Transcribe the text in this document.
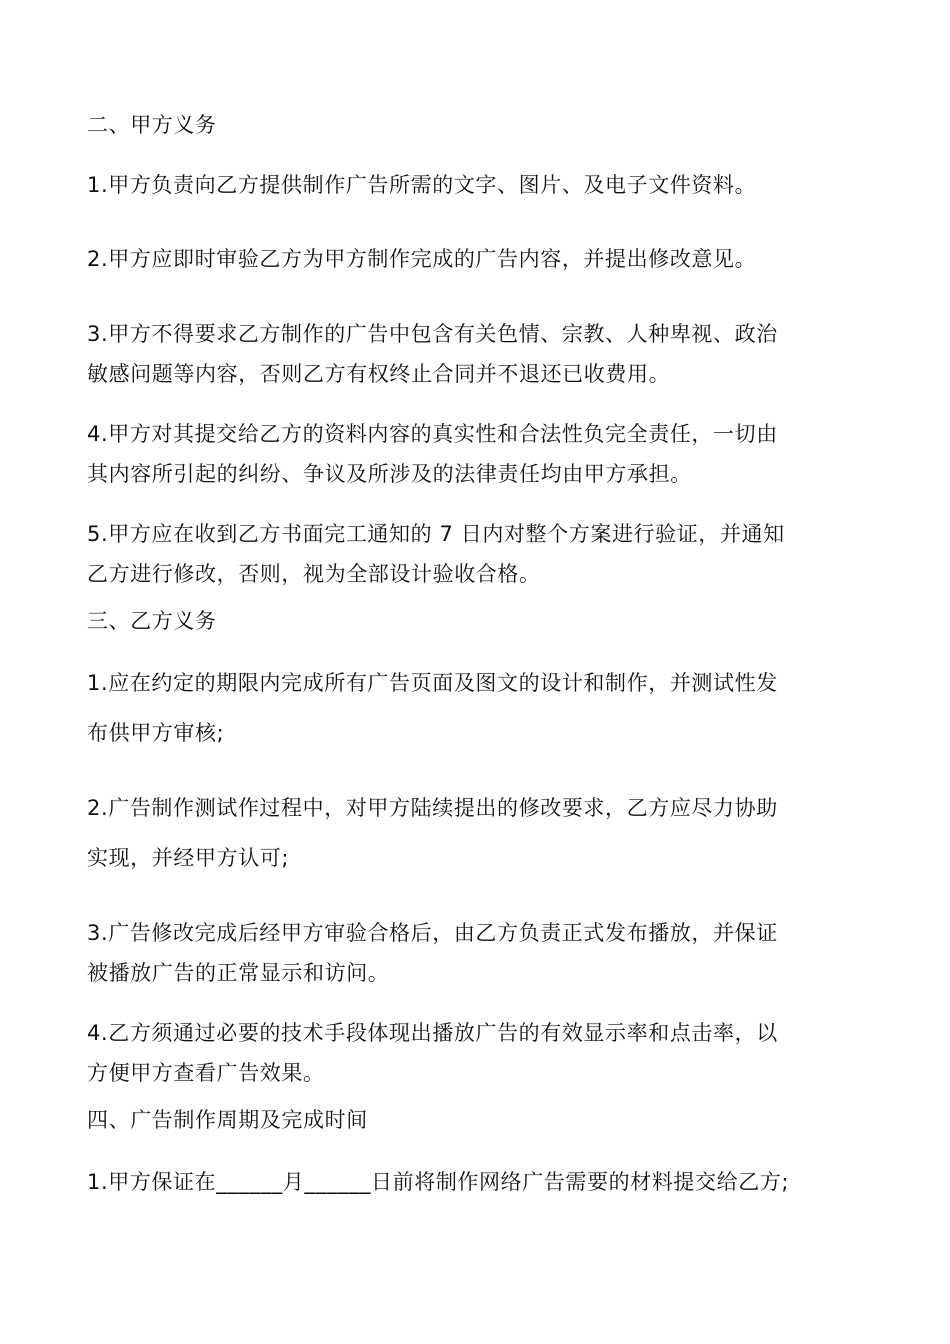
二、甲方义务
1.甲方负责向乙方提供制作广告所需的文字、图片、及电子文件资料。
2.甲方应即时审验乙方为甲方制作完成的广告内容，并提出修改意见。
3.甲方不得要求乙方制作的广告中包含有关色情、宗教、人种卑视、政治
敏感问题等内容，否则乙方有权终止合同并不退还已收费用。
4.甲方对其提交给乙方的资料内容的真实性和合法性负完全责任，一切由
其内容所引起的纠纷、争议及所涉及的法律责任均由甲方承担。
5.甲方应在收到乙方书面完工通知的 7 日内对整个方案进行验证，并通知
乙方进行修改，否则，视为全部设计验收合格。
三、乙方义务
1.应在约定的期限内完成所有广告页面及图文的设计和制作，并测试性发
布供甲方审核;
2.广告制作测试作过程中，对甲方陆续提出的修改要求，乙方应尽力协助
实现，并经甲方认可;
3.广告修改完成后经甲方审验合格后，由乙方负责正式发布播放，并保证
被播放广告的正常显示和访问。
4.乙方须通过必要的技术手段体现出播放广告的有效显示率和点击率，以
方便甲方查看广告效果。
四、广告制作周期及完成时间
1.甲方保证在______月______日前将制作网络广告需要的材料提交给乙方;
